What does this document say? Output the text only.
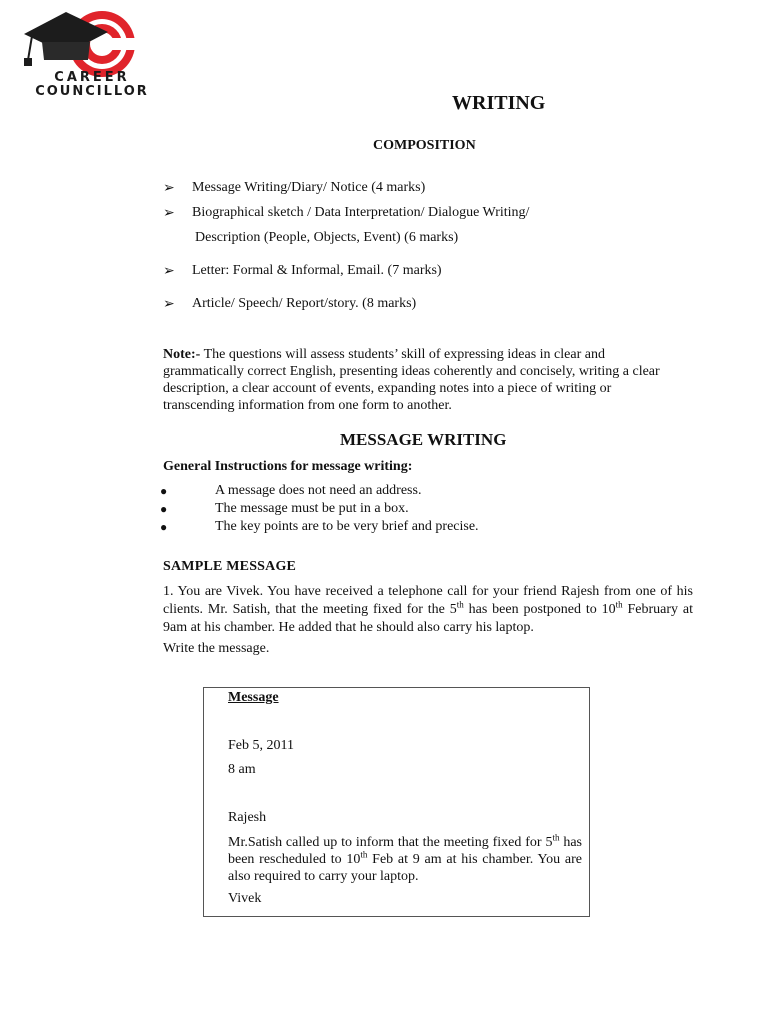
CAREER
COUNCILLOR
WRITING
COMPOSITION
➢ Message Writing/Diary/ Notice (4 marks)
➢ Biographical sketch / Data Interpretation/ Dialogue Writing/
Description (People, Objects, Event) (6 marks)
➢ Letter: Formal & Informal, Email. (7 marks)
➢ Article/ Speech/ Report/story. (8 marks)
Note:- The questions will assess students’ skill of expressing ideas in clear and grammatically correct English, presenting ideas coherently and concisely, writing a clear description, a clear account of events, expanding notes into a piece of writing or transcending information from one form to another.
MESSAGE WRITING
General Instructions for message writing:
●	A message does not need an address.
●	The message must be put in a box.
●	The key points are to be very brief and precise.
SAMPLE MESSAGE
1. You are Vivek. You have received a telephone call for your friend Rajesh from one of his clients. Mr. Satish, that the meeting fixed for the 5th has been postponed to 10th February at 9am at his chamber. He added that he should also carry his laptop.
Write the message.
Message
Feb 5, 2011
8 am
Rajesh
Mr.Satish called up to inform that the meeting fixed for 5th has been rescheduled to 10th Feb at 9 am at his chamber. You are also required to carry your laptop.
Vivek
